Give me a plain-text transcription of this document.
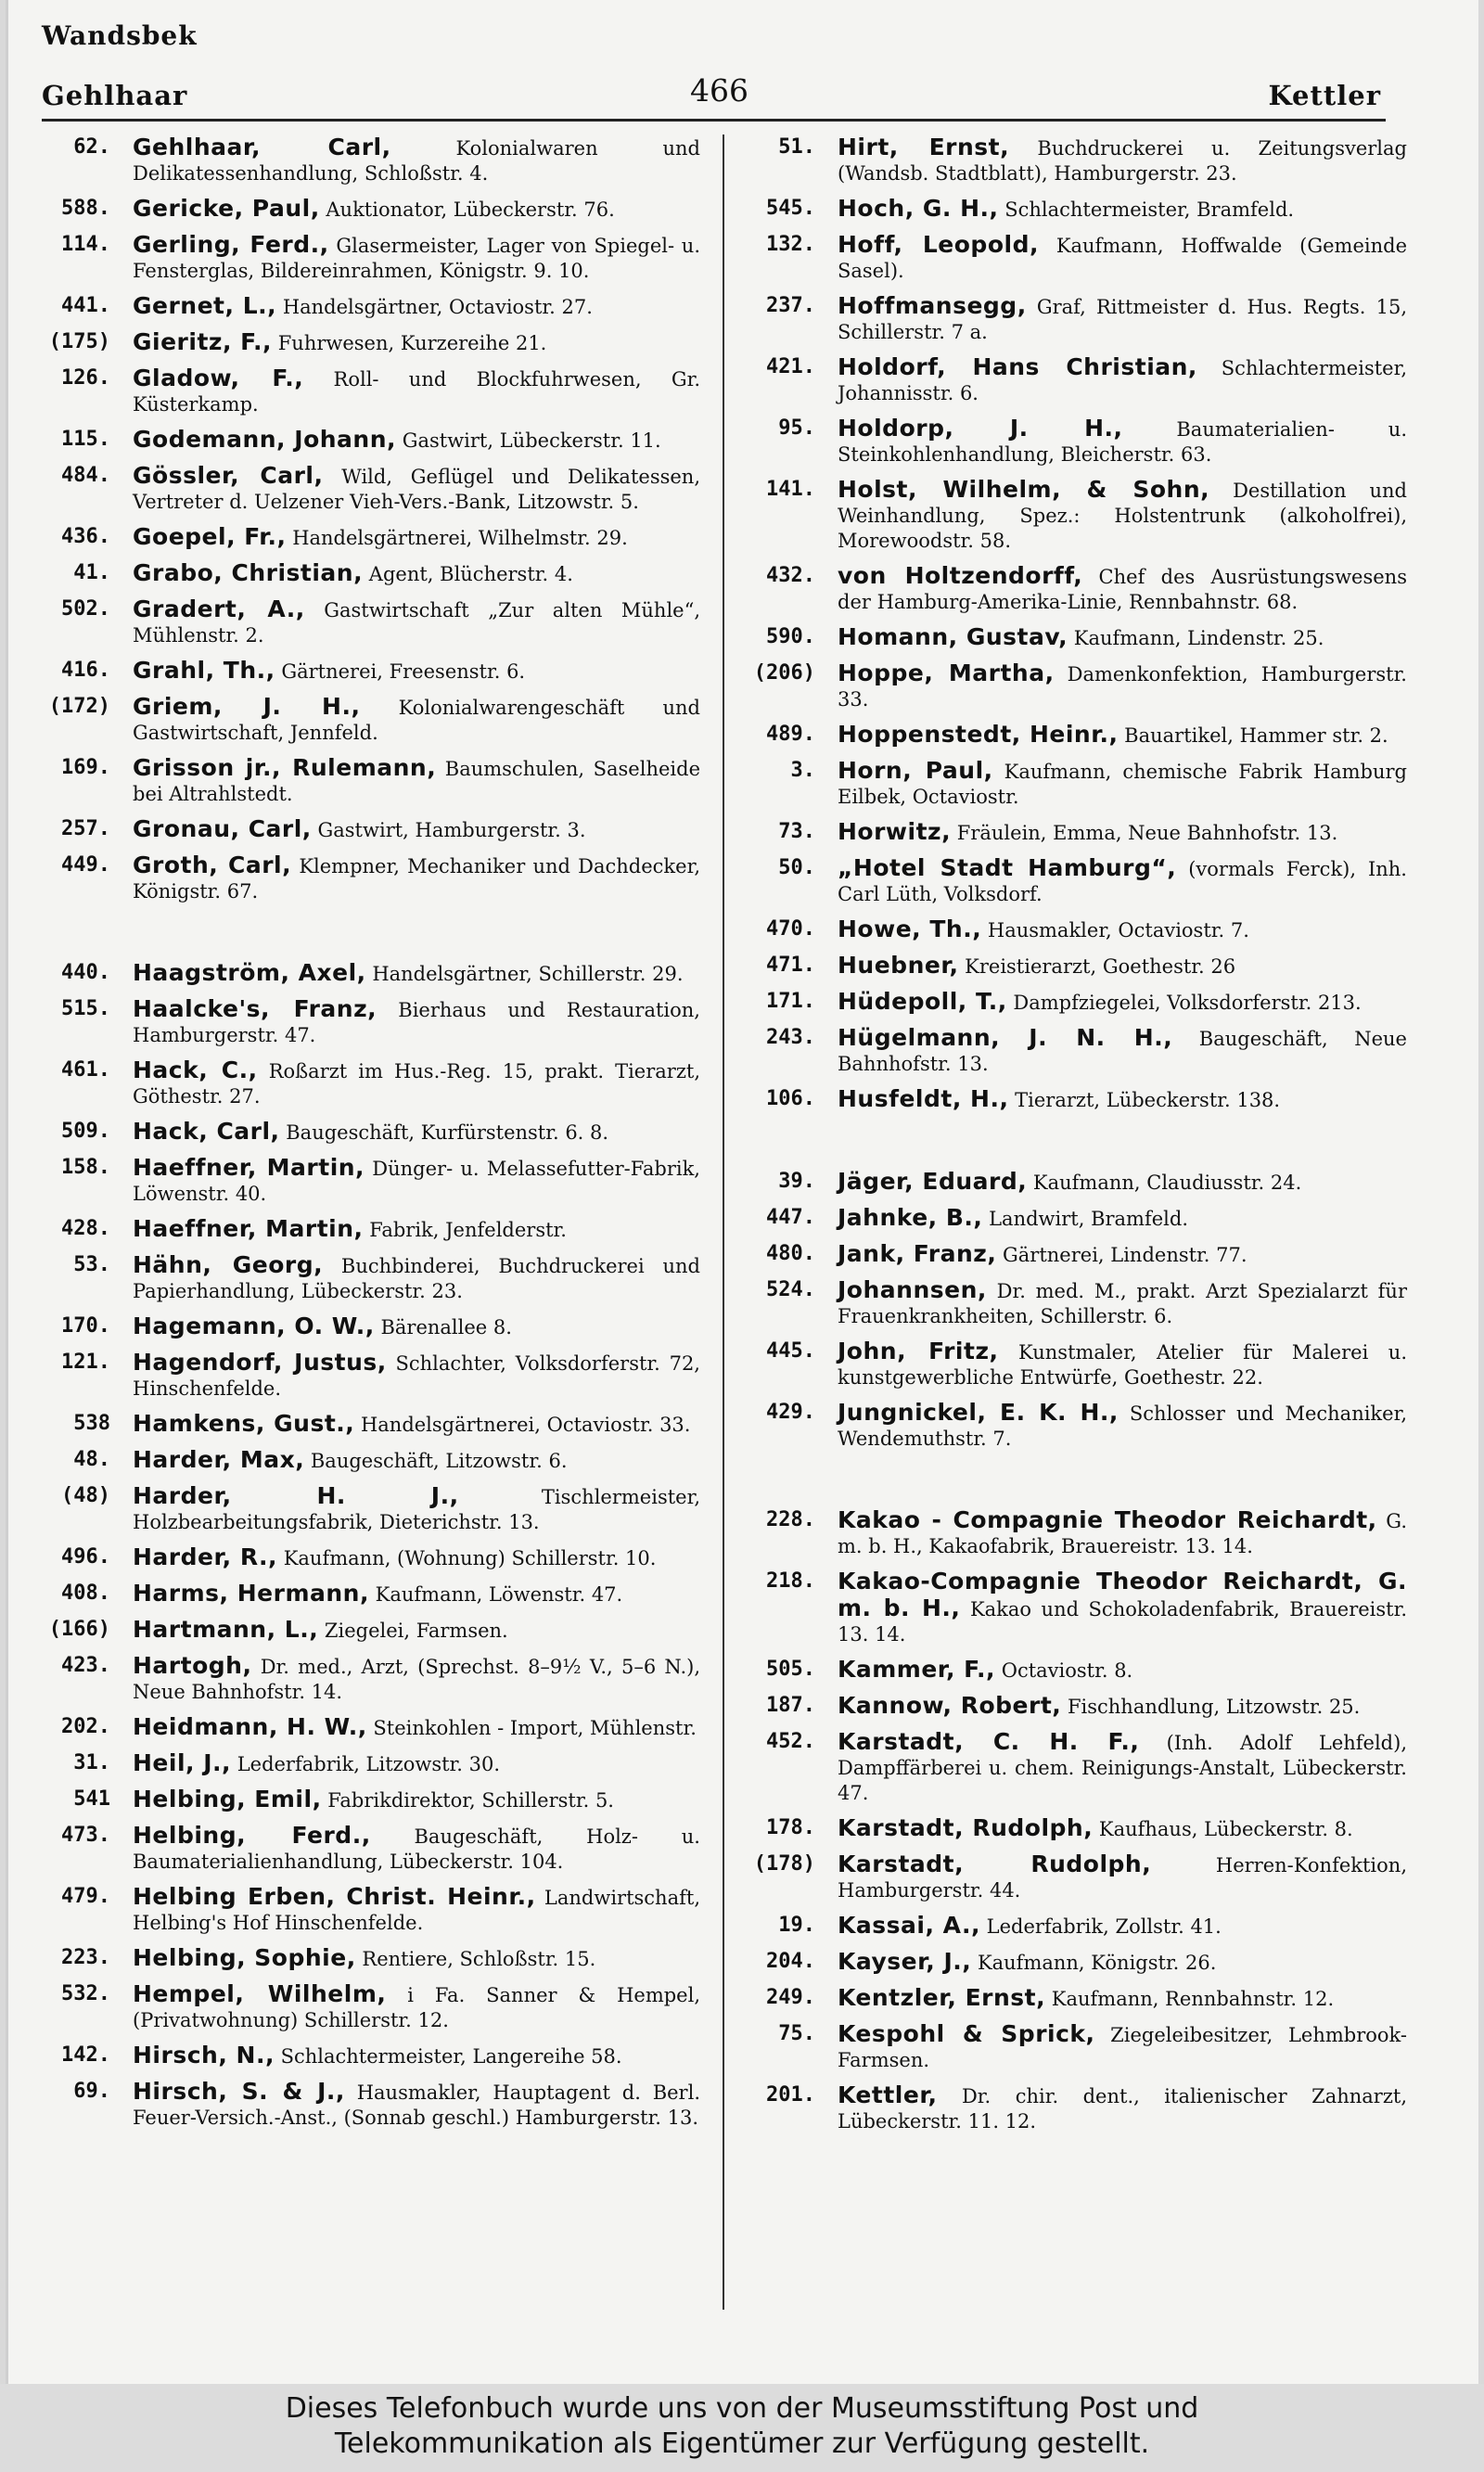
Wandsbek
Gehlhaar	466	Kettler
62. Gehlhaar, Carl, Kolonialwaren und Delikatessenhandlung, Schloßstr. 4.
588. Gericke, Paul, Auktionator, Lübeckerstr. 76.
114. Gerling, Ferd., Glasermeister, Lager von Spiegel- u. Fensterglas, Bildereinrahmen, Königstr. 9. 10.
441. Gernet, L., Handelsgärtner, Octaviostr. 27.
(175) Gieritz, F., Fuhrwesen, Kurzereihe 21.
126. Gladow, F., Roll- und Blockfuhrwesen, Gr. Küsterkamp.
115. Godemann, Johann, Gastwirt, Lübeckerstr. 11.
484. Gössler, Carl, Wild, Geflügel und Delikatessen, Vertreter d. Uelzener Vieh-Vers.-Bank, Litzowstr. 5.
436. Goepel, Fr., Handelsgärtnerei, Wilhelmstr. 29.
41. Grabo, Christian, Agent, Blücherstr. 4.
502. Gradert, A., Gastwirtschaft „Zur alten Mühle“, Mühlenstr. 2.
416. Grahl, Th., Gärtnerei, Freesenstr. 6.
(172) Griem, J. H., Kolonialwarengeschäft und Gastwirtschaft, Jennfeld.
169. Grisson jr., Rulemann, Baumschulen, Saselheide bei Altrahlstedt.
257. Gronau, Carl, Gastwirt, Hamburgerstr. 3.
449. Groth, Carl, Klempner, Mechaniker und Dachdecker, Königstr. 67.
440. Haagström, Axel, Handelsgärtner, Schillerstr. 29.
515. Haalcke's, Franz, Bierhaus und Restauration, Hamburgerstr. 47.
461. Hack, C., Roßarzt im Hus.-Reg. 15, prakt. Tierarzt, Göthestr. 27.
509. Hack, Carl, Baugeschäft, Kurfürstenstr. 6. 8.
158. Haeffner, Martin, Dünger- u. Melassefutter-Fabrik, Löwenstr. 40.
428. Haeffner, Martin, Fabrik, Jenfelderstr.
53. Hähn, Georg, Buchbinderei, Buchdruckerei und Papierhandlung, Lübeckerstr. 23.
170. Hagemann, O. W., Bärenallee 8.
121. Hagendorf, Justus, Schlachter, Volksdorferstr. 72, Hinschenfelde.
538 Hamkens, Gust., Handelsgärtnerei, Octaviostr. 33.
48. Harder, Max, Baugeschäft, Litzowstr. 6.
(48) Harder, H. J., Tischlermeister, Holzbearbeitungsfabrik, Dieterichstr. 13.
496. Harder, R., Kaufmann, (Wohnung) Schillerstr. 10.
408. Harms, Hermann, Kaufmann, Löwenstr. 47.
(166) Hartmann, L., Ziegelei, Farmsen.
423. Hartogh, Dr. med., Arzt, (Sprechst. 8–9½ V., 5–6 N.), Neue Bahnhofstr. 14.
202. Heidmann, H. W., Steinkohlen - Import, Mühlenstr.
31. Heil, J., Lederfabrik, Litzowstr. 30.
541 Helbing, Emil, Fabrikdirektor, Schillerstr. 5.
473. Helbing, Ferd., Baugeschäft, Holz- u. Baumaterialienhandlung, Lübeckerstr. 104.
479. Helbing Erben, Christ. Heinr., Landwirtschaft, Helbing's Hof Hinschenfelde.
223. Helbing, Sophie, Rentiere, Schloßstr. 15.
532. Hempel, Wilhelm, i Fa. Sanner & Hempel, (Privatwohnung) Schillerstr. 12.
142. Hirsch, N., Schlachtermeister, Langereihe 58.
69. Hirsch, S. & J., Hausmakler, Hauptagent d. Berl. Feuer-Versich.-Anst., (Sonnab geschl.) Hamburgerstr. 13.
51. Hirt, Ernst, Buchdruckerei u. Zeitungsverlag (Wandsb. Stadtblatt), Hamburgerstr. 23.
545. Hoch, G. H., Schlachtermeister, Bramfeld.
132. Hoff, Leopold, Kaufmann, Hoffwalde (Gemeinde Sasel).
237. Hoffmansegg, Graf, Rittmeister d. Hus. Regts. 15, Schillerstr. 7 a.
421. Holdorf, Hans Christian, Schlachtermeister, Johannisstr. 6.
95. Holdorp, J. H., Baumaterialien- u. Steinkohlenhandlung, Bleicherstr. 63.
141. Holst, Wilhelm, & Sohn, Destillation und Weinhandlung, Spez.: Holstentrunk (alkoholfrei), Morewoodstr. 58.
432. von Holtzendorff, Chef des Ausrüstungswesens der Hamburg-Amerika-Linie, Rennbahnstr. 68.
590. Homann, Gustav, Kaufmann, Lindenstr. 25.
(206) Hoppe, Martha, Damenkonfektion, Hamburgerstr. 33.
489. Hoppenstedt, Heinr., Bauartikel, Hammer str. 2.
3. Horn, Paul, Kaufmann, chemische Fabrik Hamburg Eilbek, Octaviostr.
73. Horwitz, Fräulein, Emma, Neue Bahnhofstr. 13.
50. „Hotel Stadt Hamburg“, (vormals Ferck), Inh. Carl Lüth, Volksdorf.
470. Howe, Th., Hausmakler, Octaviostr. 7.
471. Huebner, Kreistierarzt, Goethestr. 26
171. Hüdepoll, T., Dampfziegelei, Volksdorferstr. 213.
243. Hügelmann, J. N. H., Baugeschäft, Neue Bahnhofstr. 13.
106. Husfeldt, H., Tierarzt, Lübeckerstr. 138.
39. Jäger, Eduard, Kaufmann, Claudiusstr. 24.
447. Jahnke, B., Landwirt, Bramfeld.
480. Jank, Franz, Gärtnerei, Lindenstr. 77.
524. Johannsen, Dr. med. M., prakt. Arzt Spezialarzt für Frauenkrankheiten, Schillerstr. 6.
445. John, Fritz, Kunstmaler, Atelier für Malerei u. kunstgewerbliche Entwürfe, Goethestr. 22.
429. Jungnickel, E. K. H., Schlosser und Mechaniker, Wendemuthstr. 7.
228. Kakao - Compagnie Theodor Reichardt, G. m. b. H., Kakaofabrik, Brauereistr. 13. 14.
218. Kakao-Compagnie Theodor Reichardt, G. m. b. H., Kakao und Schokoladenfabrik, Brauereistr. 13. 14.
505. Kammer, F., Octaviostr. 8.
187. Kannow, Robert, Fischhandlung, Litzowstr. 25.
452. Karstadt, C. H. F., (Inh. Adolf Lehfeld), Dampffärberei u. chem. Reinigungs-Anstalt, Lübeckerstr. 47.
178. Karstadt, Rudolph, Kaufhaus, Lübeckerstr. 8.
(178) Karstadt, Rudolph, Herren-Konfektion, Hamburgerstr. 44.
19. Kassai, A., Lederfabrik, Zollstr. 41.
204. Kayser, J., Kaufmann, Königstr. 26.
249. Kentzler, Ernst, Kaufmann, Rennbahnstr. 12.
75. Kespohl & Sprick, Ziegeleibesitzer, Lehmbrook-Farmsen.
201. Kettler, Dr. chir. dent., italienischer Zahnarzt, Lübeckerstr. 11. 12.
Dieses Telefonbuch wurde uns von der Museumsstiftung Post und
Telekommunikation als Eigentümer zur Verfügung gestellt.
